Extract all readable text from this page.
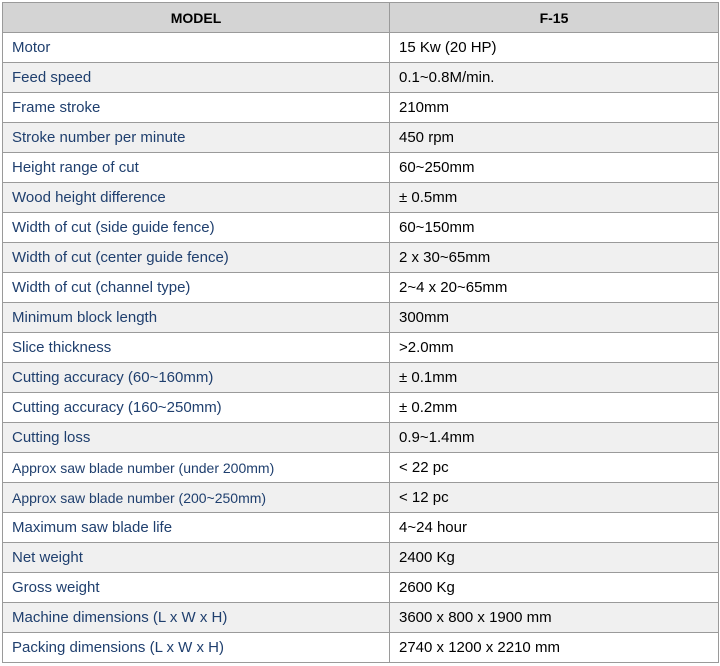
MODEL	F-15
Motor	15 Kw (20 HP)
Feed speed	0.1~0.8M/min.
Frame stroke	210mm
Stroke number per minute	450 rpm
Height range of cut	60~250mm
Wood height difference	± 0.5mm
Width of cut (side guide fence)	60~150mm
Width of cut (center guide fence)	2 x 30~65mm
Width of cut (channel type)	2~4 x 20~65mm
Minimum block length	300mm
Slice thickness	>2.0mm
Cutting accuracy (60~160mm)	± 0.1mm
Cutting accuracy (160~250mm)	± 0.2mm
Cutting loss	0.9~1.4mm
Approx saw blade number (under 200mm)	< 22 pc
Approx saw blade number (200~250mm)	< 12 pc
Maximum saw blade life	4~24 hour
Net weight	2400 Kg
Gross weight	2600 Kg
Machine dimensions (L x W x H)	3600 x 800 x 1900 mm
Packing dimensions (L x W x H)	2740 x 1200 x 2210 mm
